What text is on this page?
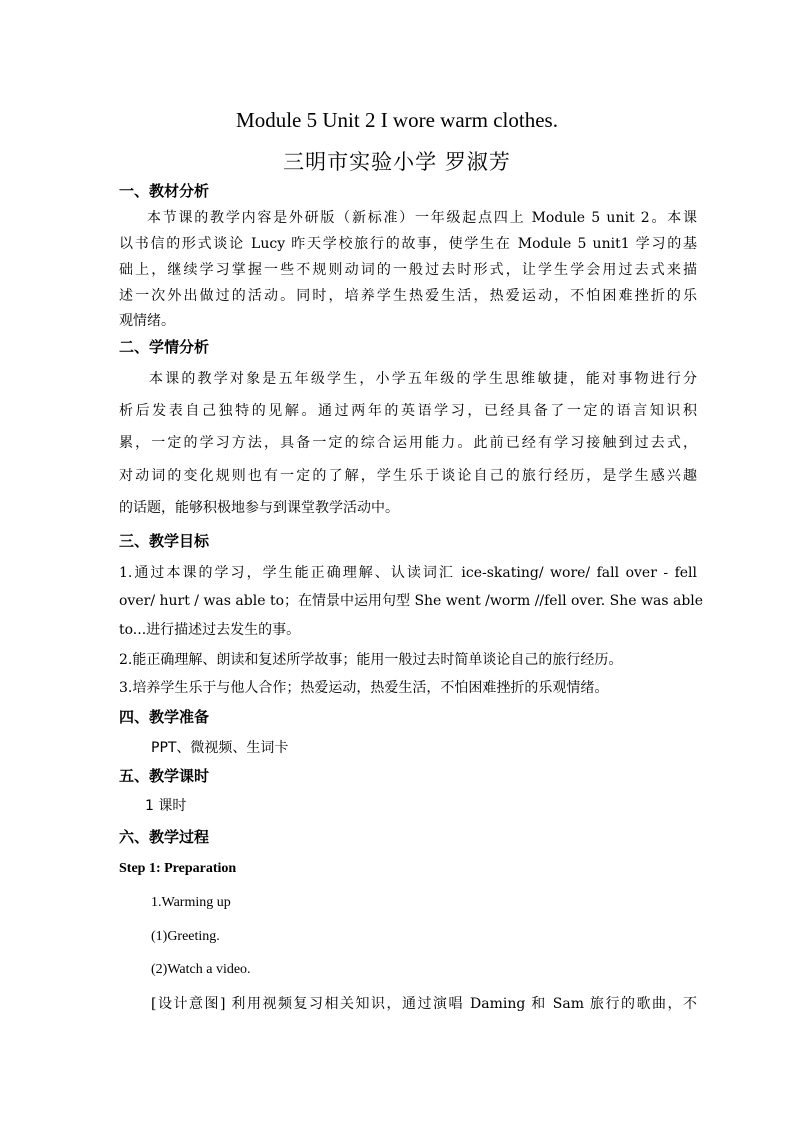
Module 5 Unit 2 I wore warm clothes.
三明市实验小学 罗淑芳
一、教材分析
本节课的教学内容是外研版（新标准）一年级起点四上 Module 5 unit 2。本课
以书信的形式谈论 Lucy 昨天学校旅行的故事，使学生在 Module 5 unit1 学习的基
础上，继续学习掌握一些不规则动词的一般过去时形式，让学生学会用过去式来描
述一次外出做过的活动。同时，培养学生热爱生活，热爱运动，不怕困难挫折的乐
观情绪。
二、学情分析
本课的教学对象是五年级学生，小学五年级的学生思维敏捷，能对事物进行分
析后发表自己独特的见解。通过两年的英语学习，已经具备了一定的语言知识积
累，一定的学习方法，具备一定的综合运用能力。此前已经有学习接触到过去式，
对动词的变化规则也有一定的了解，学生乐于谈论自己的旅行经历，是学生感兴趣
的话题，能够积极地参与到课堂教学活动中。
三、教学目标
1.通过本课的学习，学生能正确理解、认读词汇 ice-skating/ wore/ fall over - fell
over/ hurt / was able to；在情景中运用句型 She went /worm //fell over. She was able
to...进行描述过去发生的事。
2.能正确理解、朗读和复述所学故事；能用一般过去时简单谈论自己的旅行经历。
3.培养学生乐于与他人合作；热爱运动，热爱生活，不怕困难挫折的乐观情绪。
四、教学准备
PPT、微视频、生词卡
五、教学课时
1 课时
六、教学过程
Step 1: Preparation
1.Warming up
(1)Greeting.
(2)Watch a video.
[设计意图] 利用视频复习相关知识，通过演唱 Daming 和 Sam 旅行的歌曲，不
